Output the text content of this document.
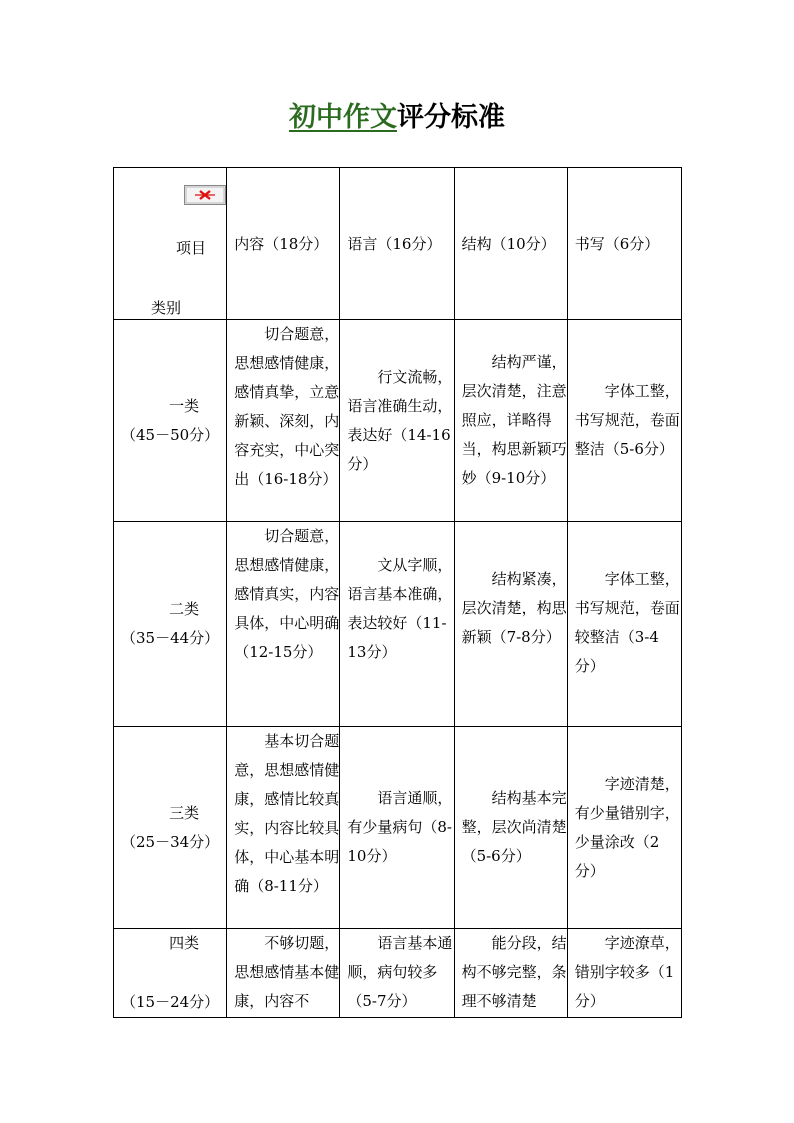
初中作文评分标准
项目
类别	内容（18分）	语言（16分）	结构（10分）	书写（6分）

一类
（45－50分）	切合题意，思想感情健康，感情真挚，立意新颖、深刻，内容充实，中心突出（16-18分）	行文流畅，语言准确生动，表达好（14-16分）	结构严谨，层次清楚，注意照应，详略得当，构思新颖巧妙（9-10分）	字体工整，书写规范，卷面整洁（5-6分）

二类
（35－44分）	切合题意，思想感情健康，感情真实，内容具体，中心明确（12-15分）	文从字顺，语言基本准确，表达较好（11-13分）	结构紧凑，层次清楚，构思新颖（7-8分）	字体工整，书写规范，卷面较整洁（3-4分）

三类
（25－34分）	基本切合题意，思想感情健康，感情比较真实，内容比较具体，中心基本明确（8-11分）	语言通顺，有少量病句（8-10分）	结构基本完整，层次尚清楚（5-6分）	字迹清楚，有少量错别字，少量涂改（2分）

四类
（15－24分）	不够切题，思想感情基本健康，内容不	语言基本通顺，病句较多（5-7分）	能分段，结构不够完整，条理不够清楚	字迹潦草，错别字较多（1分）
